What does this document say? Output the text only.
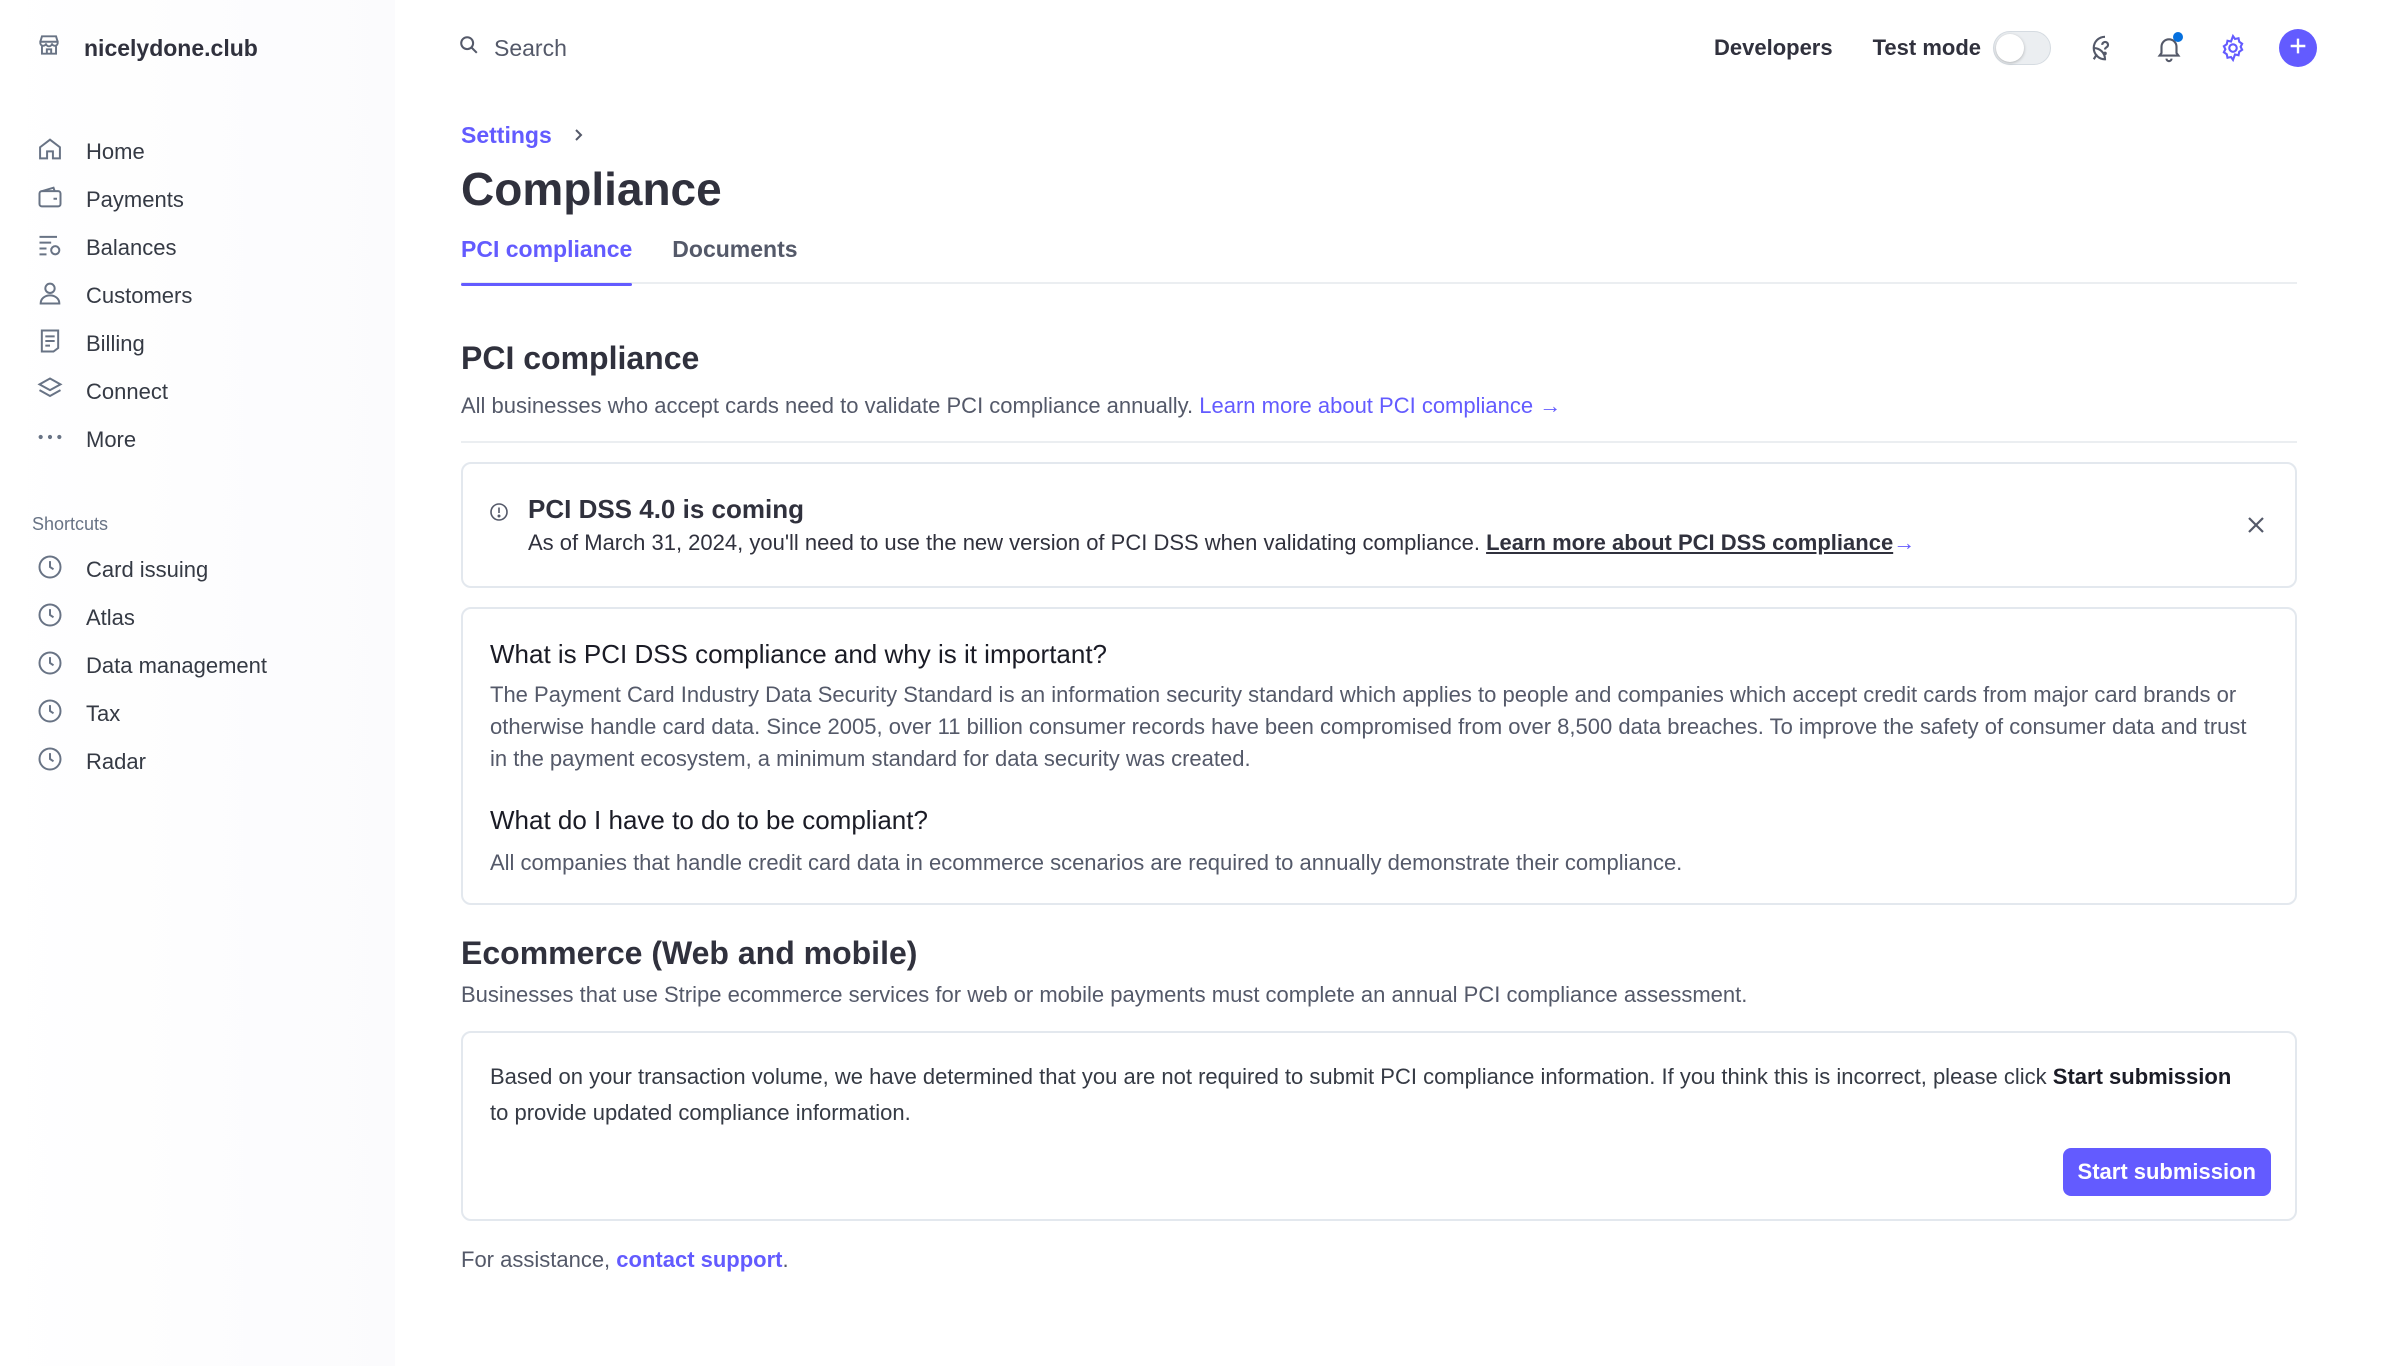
nicelydone.club
Home
Payments
Balances
Customers
Billing
Connect
More
Shortcuts
Card issuing
Atlas
Data management
Tax
Radar
Search	Developers Test mode
Settings
Compliance
PCI compliance Documents
PCI compliance
All businesses who accept cards need to validate PCI compliance annually. Learn more about PCI compliance →
PCI DSS 4.0 is coming
As of March 31, 2024, you'll need to use the new version of PCI DSS when validating compliance. Learn more about PCI DSS compliance→
What is PCI DSS compliance and why is it important?
The Payment Card Industry Data Security Standard is an information security standard which applies to people and companies which accept credit cards from major card brands or otherwise handle card data. Since 2005, over 11 billion consumer records have been compromised from over 8,500 data breaches. To improve the safety of consumer data and trust in the payment ecosystem, a minimum standard for data security was created.
What do I have to do to be compliant?
All companies that handle credit card data in ecommerce scenarios are required to annually demonstrate their compliance.
Ecommerce (Web and mobile)
Businesses that use Stripe ecommerce services for web or mobile payments must complete an annual PCI compliance assessment.
Based on your transaction volume, we have determined that you are not required to submit PCI compliance information. If you think this is incorrect, please click Start submission to provide updated compliance information.
Start submission
For assistance, contact support.
